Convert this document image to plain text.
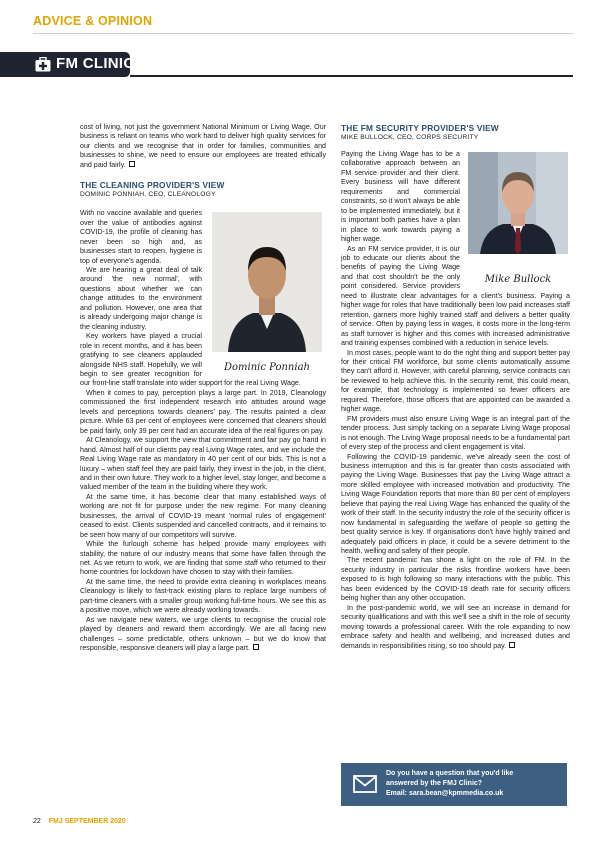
ADVICE & OPINION
FM CLINIC

cost of living, not just the government National Minimum or Living Wage. Our business is reliant on teams who work hard to deliver high quality services for our clients and we recognise that in order for families, communities and businesses to shine, we need to ensure our employees are treated ethically and paid fairly.

THE CLEANING PROVIDER'S VIEW

DOMINIC PONNIAH, CEO, CLEANOLOGY

Dominic Ponniah

With no vaccine available and queries over the value of antibodies against COVID-19, the profile of cleaning has never been so high and, as businesses start to reopen, hygiene is top of everyone's agenda.

We are hearing a great deal of talk around 'the new normal', with questions about whether we can change attitudes to the environment and pollution. However, one area that is already undergoing major change is the cleaning industry.

Key workers have played a crucial role in recent months, and it has been gratifying to see cleaners applauded alongside NHS staff. Hopefully, we will begin to see greater recognition for our front-line staff translate into wider support for the real Living Wage.

When it comes to pay, perception plays a large part. In 2019, Cleanology commissioned the first independent research into attitudes around wage levels and perceptions towards cleaners' pay. The results painted a clear picture. While 63 per cent of employees were concerned that cleaners should be paid fairly, only 39 per cent had an accurate idea of the real figures on pay.

At Cleanology, we support the view that commitment and fair pay go hand in hand. Almost half of our clients pay real Living Wage rates, and we include the Real Living Wage rate as mandatory in 40 per cent of our bids. This is not a luxury – when staff feel they are paid fairly, they invest in the job, in the client, and in their own future. They work to a higher level, stay longer, and become a valued member of the team in the building where they work.

At the same time, it has become clear that many established ways of working are not fit for purpose under the new regime. For many cleaning businesses, the arrival of COVID-19 meant 'normal rules of engagement' ceased to exist. Clients suspended and cancelled contracts, and it remains to be seen how many of our competitors will survive.

While the furlough scheme has helped provide many employees with stability, the nature of our industry means that some have fallen through the net. As we return to work, we are finding that some staff who returned to their home countries for lockdown have chosen to stay with their families.

At the same time, the need to provide extra cleaning in workplaces means Cleanology is likely to fast-track existing plans to replace large numbers of part-time cleaners with a smaller group working full-time hours. We see this as a positive move, which we were already working towards.

As we navigate new waters, we urge clients to recognise the crucial role played by cleaners and reward them accordingly. We are all facing new challenges – some predictable, others unknown – but we do know that responsible, responsive cleaners will play a large part.

THE FM SECURITY PROVIDER'S VIEW

MIKE BULLOCK, CEO, CORPS SECURITY

Mike Bullock

Paying the Living Wage has to be a collaborative approach between an FM service provider and their client. Every business will have different requirements and commercial constraints, so it won't always be able to be implemented immediately, but it is important both parties have a plan in place to work towards paying a higher wage.

As an FM service provider, it is our job to educate our clients about the benefits of paying the Living Wage and that cost shouldn't be the only point considered. Service providers need to illustrate clear advantages for a client's business. Paying a higher wage for roles that have traditionally been low paid increases staff retention, garners more highly trained staff and delivers a better quality of service. Often by paying less in wages, it costs more in the long-term as staff turnover is higher and this comes with increased administrative and training expenses combined with a reduction in service levels.

In most cases, people want to do the right thing and support better pay for their critical FM workforce, but some clients automatically assume they can't afford it. However, with careful planning, service contracts can be reviewed to help achieve this. In the security remit, this could mean, for example, that technology is implemented so fewer officers are required. Therefore, those officers that are appointed can be awarded a higher wage.

FM providers must also ensure Living Wage is an integral part of the tender process. Just simply tacking on a separate Living Wage proposal is not enough. The Living Wage proposal needs to be a fundamental part of every step of the process and client engagement is vital.

Following the COVID-19 pandemic, we've already seen the cost of business interruption and this is far greater than costs associated with paying the Living Wage. Businesses that pay the Living Wage attract a more skilled employee with increased motivation and productivity. The Living Wage Foundation reports that more than 80 per cent of employers believe that paying the real Living Wage has enhanced the quality of the work of their staff. In the security industry the role of the security officer is now fundamental in safeguarding the welfare of people so getting the best quality service is key. If organisations don't have highly trained and adequately paid officers in place, it could be a severe detriment to the health, welling and safety of their people.

The recent pandemic has shone a light on the role of FM. In the security industry in particular the risks frontline workers have been exposed to is high following so many interactions with the public. This has been evidenced by the COVID-19 death rate for security officers being higher than any other occupation.

In the post-pandemic world, we will see an increase in demand for security qualifications and with this we'll see a shift in the role of security moving towards a professional career. With the role expanding to now embrace safety and health and wellbeing, and increased duties and demands in responsibilities rising, so too should pay.

Do you have a question that you'd like
answered by the FMJ Clinic?
Email: sara.bean@kpmmedia.co.uk
22 FMJ SEPTEMBER 2020
